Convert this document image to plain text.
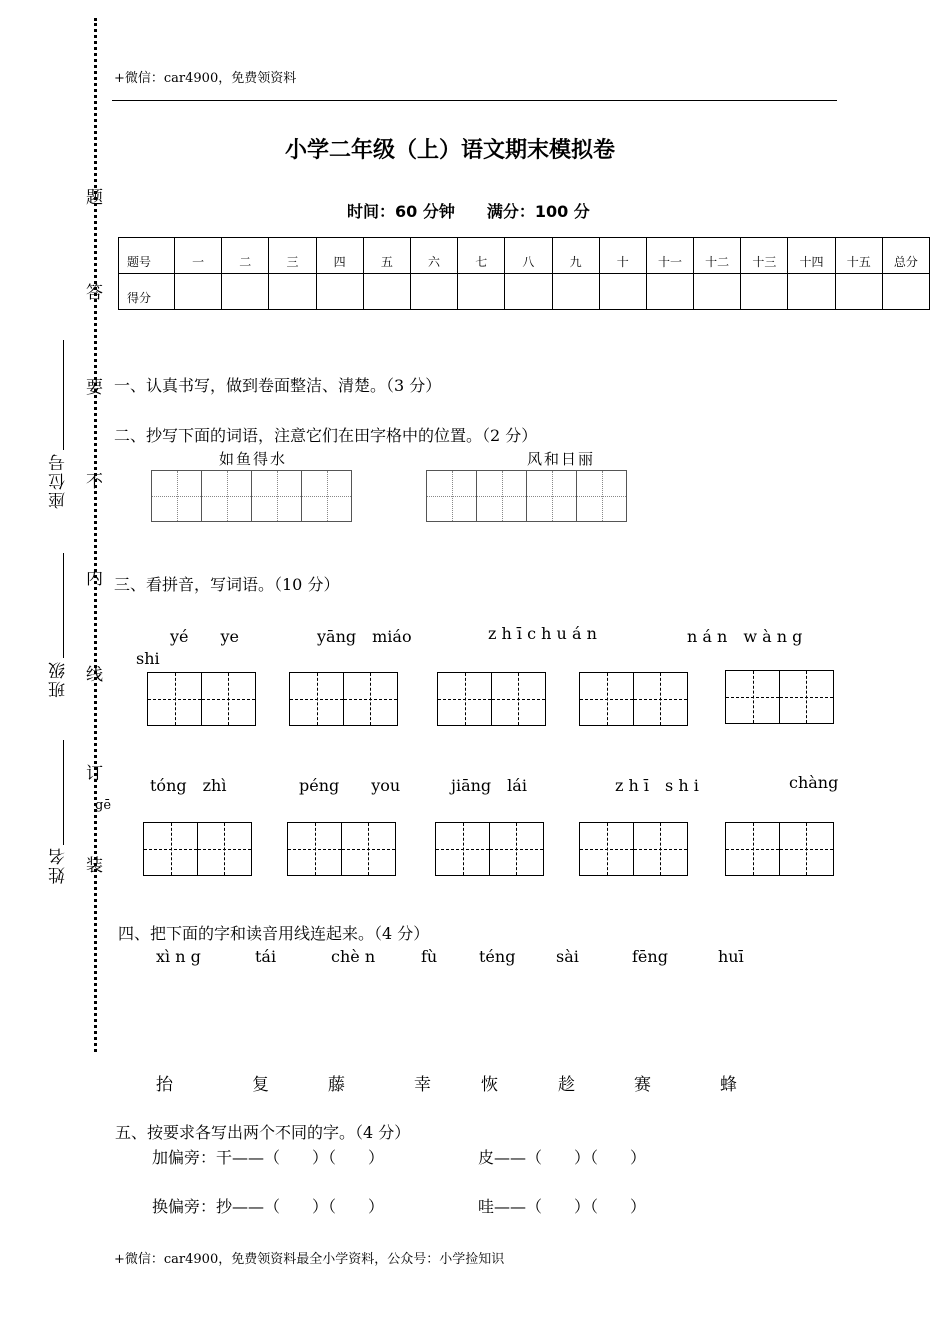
题
答
要
不
内
线
订
装
座位号
班级
姓名
+微信：car4900，免费领资料
小学二年级（上）语文期末模拟卷
时间：60 分钟　　满分：100 分
题号	一	二	三	四	五	六	七	八	九	十	十一	十二	十三	十四	十五	总分
得分																
一、认真书写，做到卷面整洁、清楚。（3 分）
二、抄写下面的词语，注意它们在田字格中的位置。（2 分）
如鱼得水	风和日丽
三、看拼音，写词语。（10 分）
yé　　ye	yāng　miáo	z h ī c h u á n	n á n　w à n g
shi
tóng　zhì	péng　　you	jiāng　lái	z h ī　s h i	chàng
gē
四、把下面的字和读音用线连起来。（4 分）
xì n g	tái	chè n	fù	téng	sài	fēng	huī
抬	复	藤	幸	恢	趁	赛	蜂
五、按要求各写出两个不同的字。（4 分）
加偏旁：干——（　　）（　　）	皮——（　　）（　　）
换偏旁：抄——（　　）（　　）	哇——（　　）（　　）
+微信：car4900，免费领资料最全小学资料，公众号：小学捡知识
